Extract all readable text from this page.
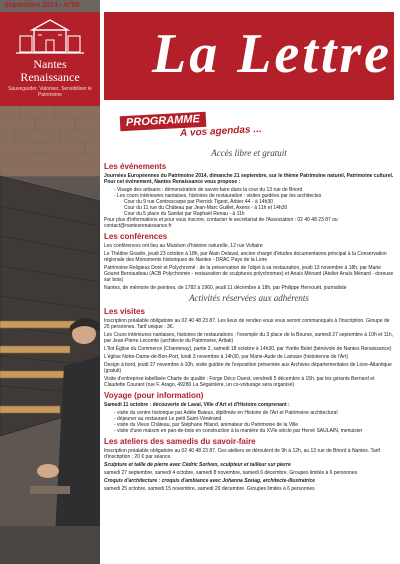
Septembre 2014 - N°88
Nantes
Renaissance
Sauvegarder, Valoriser, Sensibiliser le Patrimoine
La Lettre
PROGRAMME
À vos agendas ...
Accès libre et gratuit
Les événements
Journées Européennes du Patrimoine 2014, dimanche 21 septembre, sur le thème Patrimoine naturel, Patrimoine culturel. Pour cet événement, Nantes Renaissance vous propose :
- Visage des artisans : démonstration de savoir-faire dans la cour du 13 rue de Briord
- Les cours intérieures nantaises, histoires de restauration : visites guidées par les architectes
Cour du 9 rue Contrescarpe par Pierrick Tigeot, Arbier 44 - à 14h30
Cour du 11 rue du Château par Jean-Marc Guillet, Axens - à 11h et 14h30
Cour du 5 place du Sanitat par Raphaël Renau - à 11h
Pour plus d'informations et pour vous inscrire, contacter le secrétariat de l'Association : 02 40 48 23 87 ou contact@nantesrenaissance.fr
Les conférences
Les conférences ont lieu au Muséum d'histoire naturelle, 12 rue Voltaire
Le Théâtre Graslin, jeudi 23 octobre à 18h, par Alain Delaval, ancien chargé d'études documentaires principal à la Conservation régionale des Monuments historiques de Nantes - DRAC Pays de la Loire
Patrimoine Religieux Doré et Polychromé : de la préservation de l'objet à sa restauration, jeudi 13 novembre à 18h, par Marie Gouret Bernaudeau (ACB Polychromie - restauration de sculptures polychromes) et Anaïs Ménard (Atelier Anaïs Ménard - doreuse sur bois)
Nantes, de mémoire de peintres, de 1782 à 1960, jeudi 11 décembre à 18h, par Philippe Hervouët, journaliste
Activités réservées aux adhérents
Les visites
Inscription préalable obligatoire au 02 40 48 23 87. Les lieux de rendez-vous vous seront communiqués à l'inscription. Groupe de 25 personnes. Tarif unique : 3€.
Les Cours intérieures nantaises, histoires de restaurations : l'exemple du 3 place de la Bourse, samedi 27 septembre à 10h et 11h, par Jean-Pierre Lecomte (architecte du Patrimoine, Arttak)
L'îlot Église du Commerce (Chantenay), partie 2, samedi 18 octobre à 14h30, par Yvette Belet (bénévole de Nantes Renaissance)
L'église Notre-Dame-de-Bon-Port, lundi 3 novembre à 14h30, par Marie-Aude de Lamaze (historienne de l'Art)
Design à bord, jeudi 27 novembre à 10h, visite guidée de l'exposition présentée aux Archives départementales de Loire-Atlantique (gratuit)
Visite d'entreprise labellisée Charte de qualité : Forge Déco Ouest, vendredi 5 décembre à 15h, par les gérants Bernard et Claudette Courant (rue F. Arago, 49280 La Séguinière, un co-voiturage sera organisé)
Voyage (pour information)
Samedi 11 octobre : découverte de Laval, Ville d'Art et d'Histoire comprenant :
- visite du centre historique par Adèle Baleux, diplômée en Histoire de l'Art et Patrimoine architectural
- déjeuner au restaurant Le petit Saint-Vénérand
- visite du Vieux Château, par Stéphane Hiland, animateur du Patrimoine de la Ville
- visite d'une maison en pan-de-bois en construction à la manière du XVIe siècle par Hervé SAULAIN, menuisier
Les ateliers des samedis du savoir-faire
Inscription préalable obligatoire au 02 40 48 23 87. Ces ateliers se déroulent de 9h à 12h, au 13 rue de Briord à Nantes. Tarif d'inscription : 20 € par séance.
Sculpture et taille de pierre avec Cédric Sorlven, sculpteur et tailleur sur pierre
samedi 27 septembre, samedi 4 octobre, samedi 8 novembre, samedi 6 décembre. Groupes limités à 6 personnes
Croquis d'architecture : croquis d'ambiance avec Johanna Szeiag, architecte-illustratrice
samedi 25 octobre, samedi 15 novembre, samedi 29 décembre. Groupes limités à 6 personnes
